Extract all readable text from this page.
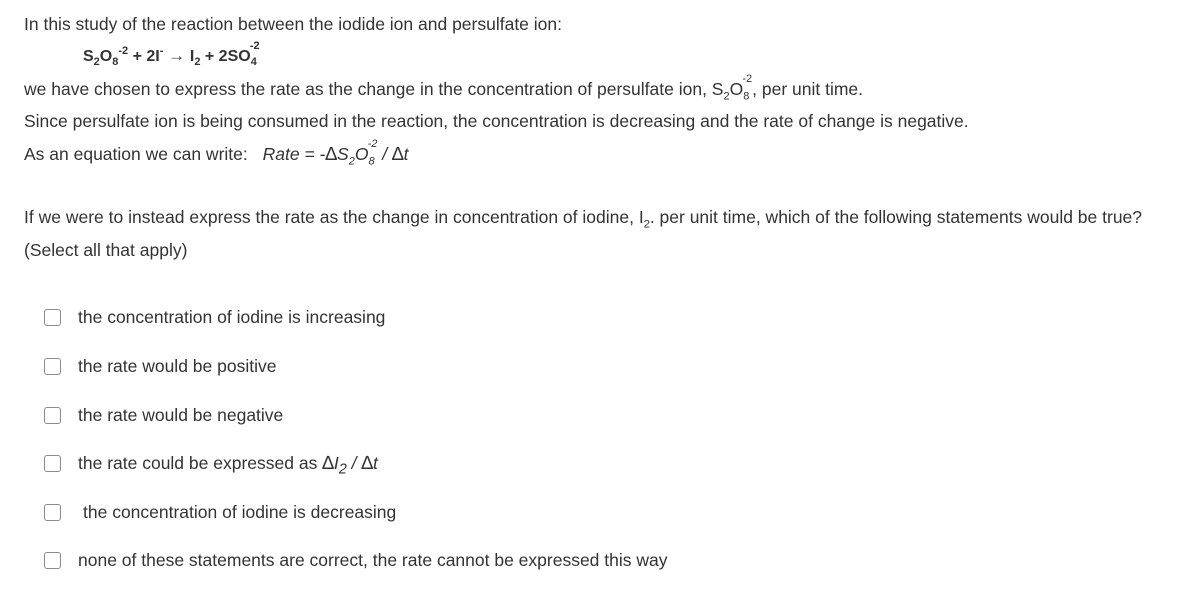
In this study of the reaction between the iodide ion and persulfate ion:
$S_2O_8^{-2} + 2I^- \to I_2 + 2SO_4^{-2}$
we have chosen to express the rate as the change in the concentration of persulfate ion, $S_2O_8^{-2}$, per unit time.
Since persulfate ion is being consumed in the reaction, the concentration is decreasing and the rate of change is negative.
As an equation we can write: Rate = $-\Delta S_2O_8^{-2} / \Delta t$
If we were to instead express the rate as the change in concentration of iodine, $I_2$. per unit time, which of the following statements would be true?
(Select all that apply)
the concentration of iodine is increasing
the rate would be positive
the rate would be negative
the rate could be expressed as $\Delta I_2 / \Delta t$
the concentration of iodine is decreasing
none of these statements are correct, the rate cannot be expressed this way
